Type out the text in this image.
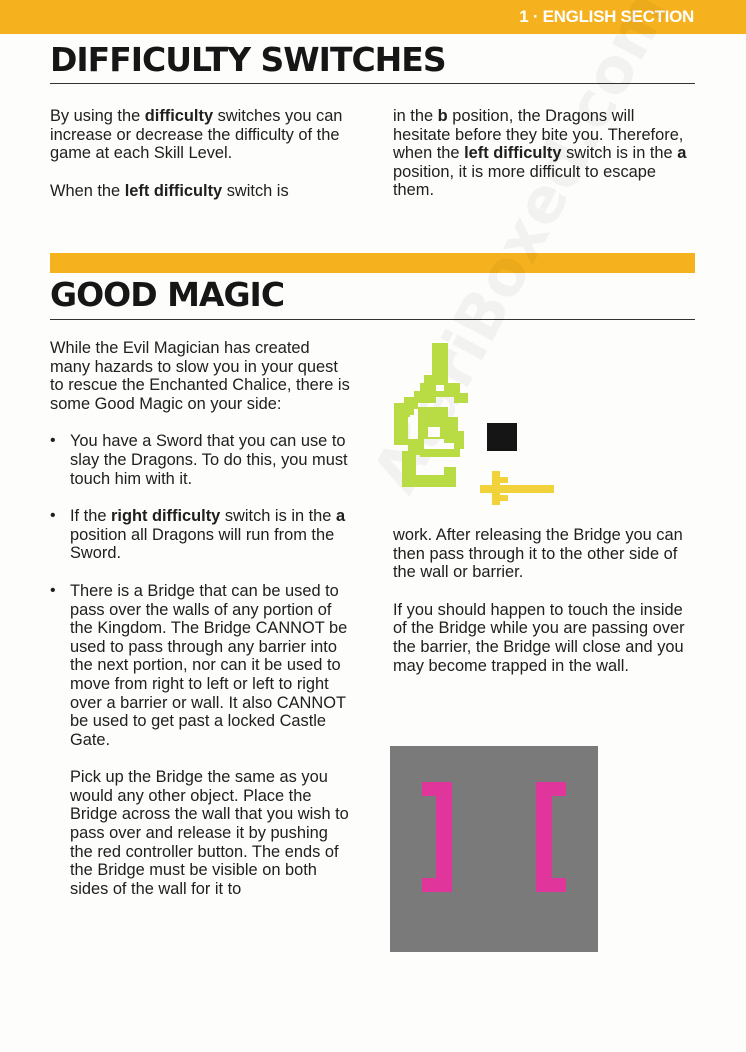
1 · ENGLISH SECTION
DIFFICULTY SWITCHES

By using the difficulty switches you can increase or decrease the difficulty of the game at each Skill Level.

When the left difficulty switch is

in the b position, the Dragons will hesitate before they bite you. Therefore, when the left difficulty switch is in the a position, it is more difficult to escape them.

GOOD MAGIC

While the Evil Magician has created many hazards to slow you in your quest to rescue the Enchanted Chalice, there is some Good Magic on your side:

• You have a Sword that you can use to slay the Dragons. To do this, you must touch him with it.
• If the right difficulty switch is in the a position all Dragons will run from the Sword.
• There is a Bridge that can be used to pass over the walls of any portion of the Kingdom. The Bridge CANNOT be used to pass through any barrier into the next portion, nor can it be used to move from right to left or left to right over a barrier or wall. It also CANNOT be used to get past a locked Castle Gate.

Pick up the Bridge the same as you would any other object. Place the Bridge across the wall that you wish to pass over and release it by pushing the red controller button. The ends of the Bridge must be visible on both sides of the wall for it to

work. After releasing the Bridge you can then pass through it to the other side of the wall or barrier.

If you should happen to touch the inside of the Bridge while you are passing over the barrier, the Bridge will close and you may become trapped in the wall.
